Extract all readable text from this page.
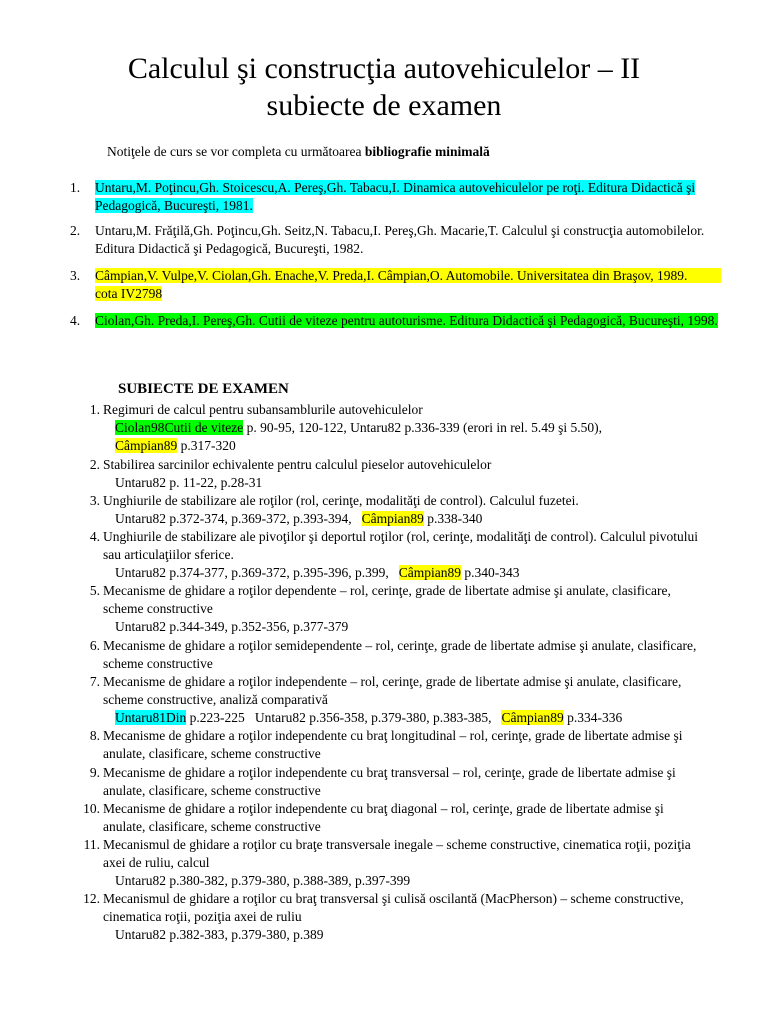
Calculul şi construcţia autovehiculelor – II
subiecte de examen
Notiţele de curs se vor completa cu următoarea bibliografie minimală
1. Untaru,M. Poţincu,Gh. Stoicescu,A. Pereş,Gh. Tabacu,I. Dinamica autovehiculelor pe roţi. Editura Didactică şi Pedagogică, Bucureşti, 1981.
2. Untaru,M. Frăţilă,Gh. Poţincu,Gh. Seitz,N. Tabacu,I. Pereş,Gh. Macarie,T. Calculul şi construcţia automobilelor. Editura Didactică şi Pedagogică, Bucureşti, 1982.
3. Câmpian,V. Vulpe,V. Ciolan,Gh. Enache,V. Preda,I. Câmpian,O. Automobile. Universitatea din Braşov, 1989.          cota IV2798
4. Ciolan,Gh. Preda,I. Pereş,Gh. Cutii de viteze pentru autoturisme. Editura Didactică şi Pedagogică, Bucureşti, 1998.
SUBIECTE DE EXAMEN
1. Regimuri de calcul pentru subansamblurile autovehiculelor
Ciolan98Cutii de viteze p. 90-95, 120-122, Untaru82 p.336-339 (erori in rel. 5.49 şi 5.50),
Câmpian89 p.317-320
2. Stabilirea sarcinilor echivalente pentru calculul pieselor autovehiculelor
Untaru82 p. 11-22, p.28-31
3. Unghiurile de stabilizare ale roţilor (rol, cerinţe, modalităţi de control). Calculul fuzetei.
Untaru82 p.372-374, p.369-372, p.393-394, Câmpian89 p.338-340
4. Unghiurile de stabilizare ale pivoţilor şi deportul roţilor (rol, cerinţe, modalităţi de control). Calculul pivotului sau articulaţiilor sferice.
Untaru82 p.374-377, p.369-372, p.395-396, p.399, Câmpian89 p.340-343
5. Mecanisme de ghidare a roţilor dependente – rol, cerinţe, grade de libertate admise şi anulate, clasificare, scheme constructive
Untaru82 p.344-349, p.352-356, p.377-379
6. Mecanisme de ghidare a roţilor semidependente – rol, cerinţe, grade de libertate admise şi anulate, clasificare, scheme constructive
7. Mecanisme de ghidare a roţilor independente – rol, cerinţe, grade de libertate admise şi anulate, clasificare, scheme constructive, analiză comparativă
Untaru81Din p.223-225   Untaru82 p.356-358, p.379-380, p.383-385, Câmpian89 p.334-336
8. Mecanisme de ghidare a roţilor independente cu braţ longitudinal – rol, cerinţe, grade de libertate admise şi anulate, clasificare, scheme constructive
9. Mecanisme de ghidare a roţilor independente cu braţ transversal – rol, cerinţe, grade de libertate admise şi anulate, clasificare, scheme constructive
10. Mecanisme de ghidare a roţilor independente cu braţ diagonal – rol, cerinţe, grade de libertate admise şi anulate, clasificare, scheme constructive
11. Mecanismul de ghidare a roţilor cu braţe transversale inegale – scheme constructive, cinematica roţii, poziţia axei de ruliu, calcul
Untaru82 p.380-382, p.379-380, p.388-389, p.397-399
12. Mecanismul de ghidare a roţilor cu braţ transversal şi culisă oscilantă (MacPherson) – scheme constructive, cinematica roţii, poziţia axei de ruliu
Untaru82 p.382-383, p.379-380, p.389
